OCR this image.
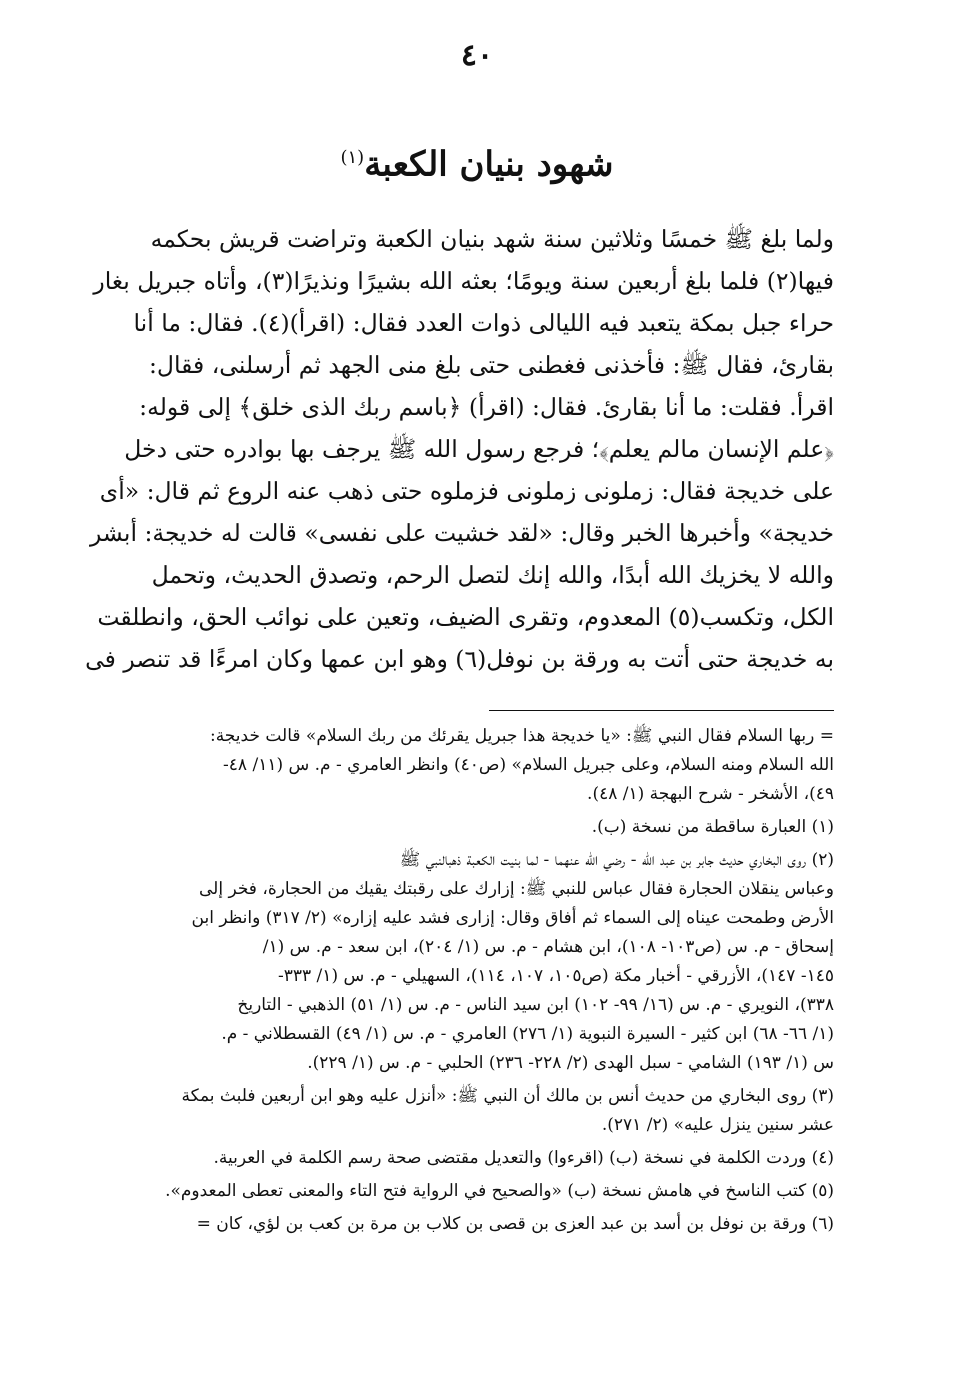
٤٠
شهود بنيان الكعبة$^{(١)}$
ولما بلغ ﷺ خمسًا وثلاثين سنة شهد بنيان الكعبة وتراضت قريش بحكمه
فيها(٢) فلما بلغ أربعين سنة ويومًا؛ بعثه الله بشيرًا ونذيرًا(٣)، وأتاه جبريل بغار
حراء جبل بمكة يتعبد فيه الليالى ذوات العدد فقال: (اقرأ)(٤). فقال: ما أنا
بقارئ، فقال ﷺ: فأخذنى فغطنى حتى بلغ منى الجهد ثم أرسلنى، فقال:
اقرأ. فقلت: ما أنا بقارئ. فقال: (اقرأ) ﴿باسم ربك الذى خلق﴾ إلى قوله:
﴿علم الإنسان مالم يعلم﴾؛ فرجع رسول الله ﷺ يرجف بها بوادره حتى دخل
على خديجة فقال: زملونى زملونى فزملوه حتى ذهب عنه الروع ثم قال: «أى
خديجة» وأخبرها الخبر وقال: «لقد خشيت على نفسى» قالت له خديجة: أبشر
والله لا يخزيك الله أبدًا، والله إنك لتصل الرحم، وتصدق الحديث، وتحمل
الكل، وتكسب(٥) المعدوم، وتقرى الضيف، وتعين على نوائب الحق، وانطلقت
به خديجة حتى أتت به ورقة بن نوفل(٦) وهو ابن عمها وكان امرءًا قد تنصر فى
= ربها السلام فقال النبي ﷺ: «يا خديجة هذا جبريل يقرئك من ربك السلام» قالت خديجة:
الله السلام ومنه السلام، وعلى جبريل السلام» (ص٤٠) وانظر العامري - م. س (١١/ ٤٨-
٤٩)، الأشخر - شرح البهجة (١/ ٤٨).
(١) العبارة ساقطة من نسخة (ب).
(٢) روى البخاري حديث جابر بن عبد الله - رضي الله عنهما - لما بنيت الكعبة ذهبالنبي ﷺ
وعباس ينقلان الحجارة فقال عباس للنبي ﷺ: إزارك على رقبتك يقيك من الحجارة، فخر إلى
الأرض وطمحت عيناه إلى السماء ثم أفاق وقال: إزارى فشد عليه إزاره» (٢/ ٣١٧) وانظر ابن
إسحاق - م. س (ص١٠٣- ١٠٨)، ابن هشام - م. س (١/ ٢٠٤)، ابن سعد - م. س (١/
١٤٥- ١٤٧)، الأزرقي - أخبار مكة (ص١٠٥، ١٠٧، ١١٤)، السهيلي - م. س (١/ ٣٣٣-
٣٣٨)، النويري - م. س (١٦/ ٩٩- ١٠٢) ابن سيد الناس - م. س (١/ ٥١) الذهبي - التاريخ
(١/ ٦٦- ٦٨) ابن كثير - السيرة النبوية (١/ ٢٧٦) العامري - م. س (١/ ٤٩) القسطلاني - م.
س (١/ ١٩٣) الشامي - سبل الهدى (٢/ ٢٢٨- ٢٣٦) الحلبي - م. س (١/ ٢٢٩).
(٣) روى البخاري من حديث أنس بن مالك أن النبي ﷺ: «أنزل عليه وهو ابن أربعين فلبث بمكة
عشر سنين ينزل عليه» (٢/ ٢٧١).
(٤) وردت الكلمة في نسخة (ب) (اقرءوا) والتعديل مقتضى صحة رسم الكلمة في العربية.
(٥) كتب الناسخ في هامش نسخة (ب) «والصحيح في الرواية فتح التاء والمعنى تعطى المعدوم».
(٦) ورقة بن نوفل بن أسد بن عبد العزى بن قصى بن كلاب بن مرة بن كعب بن لؤي، كان =
